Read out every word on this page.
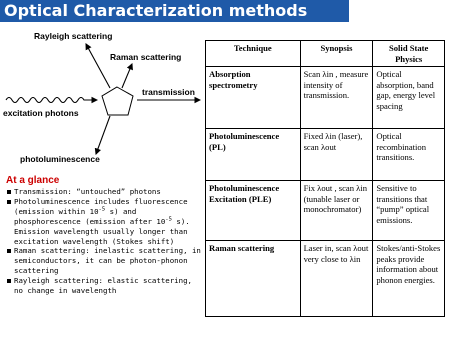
Optical Characterization methods
Rayleigh scattering
Raman scattering
transmission
excitation photons
photoluminescence
At a glance
Transmission: “untouched” photons
Photoluminescence includes fluorescence (emission within $10^{-5}$ s) and phosphorescence (emission after $10^{-5}$ s). Emission wavelength usually longer than excitation wavelength (Stokes shift)
Raman scattering: inelastic scattering, in semiconductors, it can be photon-phonon scattering
Rayleigh scattering: elastic scattering, no change in wavelength
Technique	Synopsis	Solid State Physics
Absorption spectrometry	Scan λin , measure intensity of transmission.	Optical absorption, band gap, energy level spacing
Photoluminescence (PL)	Fixed λin (laser), scan λout	Optical recombination transitions.
Photoluminescence Excitation (PLE)	Fix λout , scan λin (tunable laser or monochromator)	Sensitive to transitions that “pump” optical emissions.
Raman scattering	Laser in, scan λout very close to λin	Stokes/anti-Stokes peaks provide information about phonon energies.
